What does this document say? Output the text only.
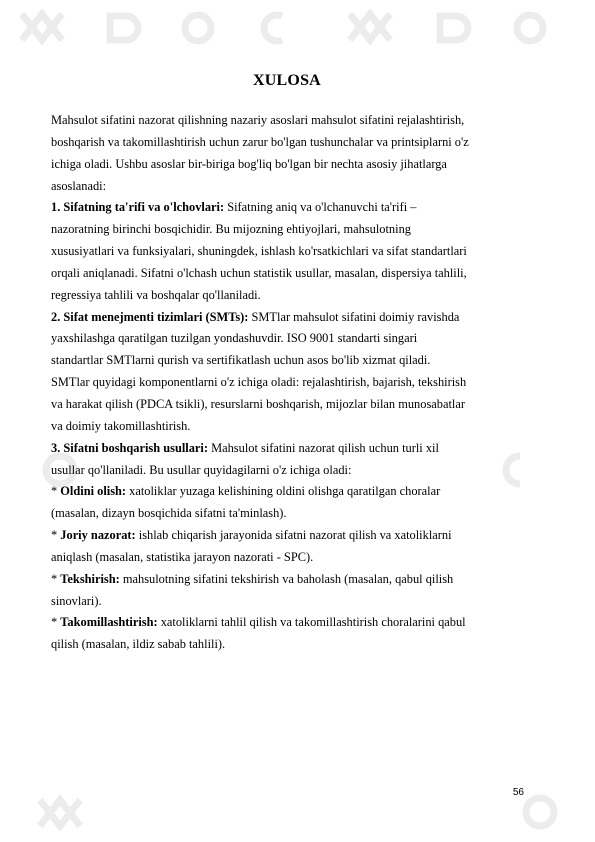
XULOSA
Mahsulot sifatini nazorat qilishning nazariy asoslari mahsulot sifatini rejalashtirish,
boshqarish va takomillashtirish uchun zarur bo'lgan tushunchalar va printsiplarni o'z
ichiga oladi. Ushbu asoslar bir-biriga bog'liq bo'lgan bir nechta asosiy jihatlarga
asoslanadi:
1. Sifatning ta'rifi va o'lchovlari: Sifatning aniq va o'lchanuvchi ta'rifi –
nazoratning birinchi bosqichidir. Bu mijozning ehtiyojlari, mahsulotning
xususiyatlari va funksiyalari, shuningdek, ishlash ko'rsatkichlari va sifat standartlari
orqali aniqlanadi. Sifatni o'lchash uchun statistik usullar, masalan, dispersiya tahlili,
regressiya tahlili va boshqalar qo'llaniladi.
2. Sifat menejmenti tizimlari (SMTs): SMTlar mahsulot sifatini doimiy ravishda
yaxshilashga qaratilgan tuzilgan yondashuvdir. ISO 9001 standarti singari
standartlar SMTlarni qurish va sertifikatlash uchun asos bo'lib xizmat qiladi.
SMTlar quyidagi komponentlarni o'z ichiga oladi: rejalashtirish, bajarish, tekshirish
va harakat qilish (PDCA tsikli), resurslarni boshqarish, mijozlar bilan munosabatlar
va doimiy takomillashtirish.
3. Sifatni boshqarish usullari: Mahsulot sifatini nazorat qilish uchun turli xil
usullar qo'llaniladi. Bu usullar quyidagilarni o'z ichiga oladi:
* Oldini olish: xatoliklar yuzaga kelishining oldini olishga qaratilgan choralar
(masalan, dizayn bosqichida sifatni ta'minlash).
* Joriy nazorat: ishlab chiqarish jarayonida sifatni nazorat qilish va xatoliklarni
aniqlash (masalan, statistika jarayon nazorati - SPC).
* Tekshirish: mahsulotning sifatini tekshirish va baholash (masalan, qabul qilish
sinovlari).
* Takomillashtirish: xatoliklarni tahlil qilish va takomillashtirish choralarini qabul
qilish (masalan, ildiz sabab tahlili).
56
